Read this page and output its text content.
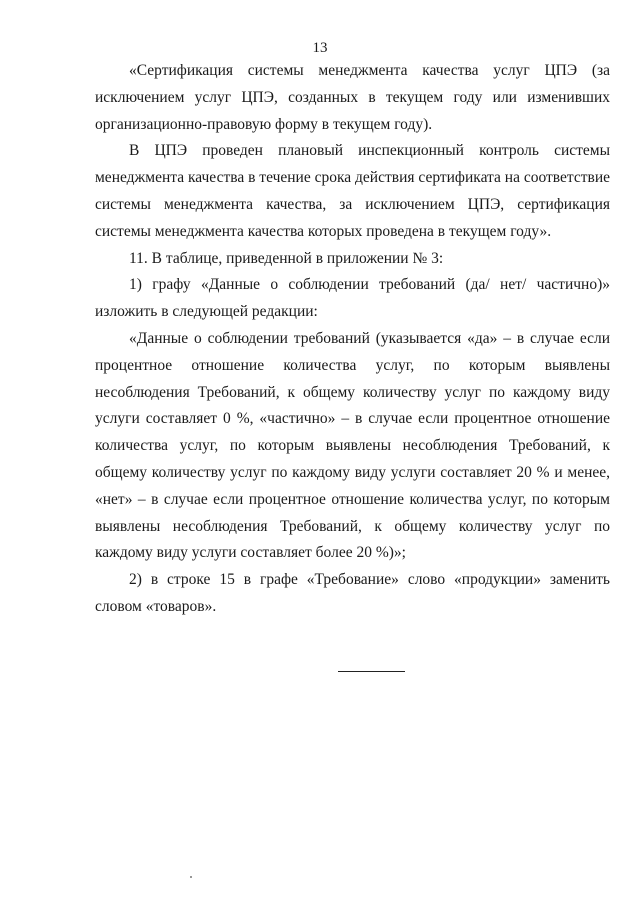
13

«Сертификация системы менеджмента качества услуг ЦПЭ (за исключением услуг ЦПЭ, созданных в текущем году или изменивших организационно-правовую форму в текущем году).

В ЦПЭ проведен плановый инспекционный контроль системы менеджмента качества в течение срока действия сертификата на соответствие системы менеджмента качества, за исключением ЦПЭ, сертификация системы менеджмента качества которых проведена в текущем году».

11. В таблице, приведенной в приложении № 3:

1) графу «Данные о соблюдении требований (да/ нет/ частично)» изложить в следующей редакции:

«Данные о соблюдении требований (указывается «да» – в случае если процентное отношение количества услуг, по которым выявлены несоблюдения Требований, к общему количеству услуг по каждому виду услуги составляет 0 %, «частично» – в случае если процентное отношение количества услуг, по которым выявлены несоблюдения Требований, к общему количеству услуг по каждому виду услуги составляет 20 % и менее, «нет» – в случае если процентное отношение количества услуг, по которым выявлены несоблюдения Требований, к общему количеству услуг по каждому виду услуги составляет более 20 %)»;

2) в строке 15 в графе «Требование» слово «продукции» заменить словом «товаров».
